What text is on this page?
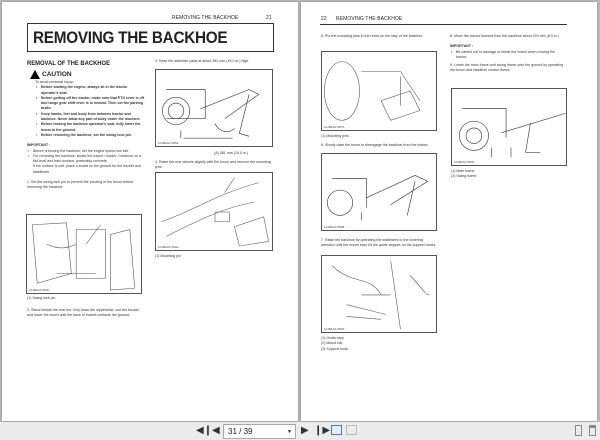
REMOVING THE BACKHOE	21
REMOVING THE BACKHOE
REMOVAL OF THE BACKHOE
CAUTION
To avoid personal injury:
• Before starting the engine, always sit in the tractor operator's seat.
• Before getting off the tractor, make sure that PTO lever is off and range gear shift lever is in neutral. Then set the parking brake.
• Keep hands, feet and body from between tractor and backhoe. Never allow any part of body under the machine.
• Before leaving the backhoe operator's seat, fully lower the boom to the ground.
• Before removing the backhoe, set the swing lock pin.
IMPORTANT :
• Before removing the backhoe, set the engine speed low idle.
• For removing the backhoe, locate the tractor / loader / backhoe on a flat level and hard surface, preferably concrete.
If the surface is soft, place a board on the ground for the bucket and stabilizers.
1. Set the swing lock pin to prevent the pivoting of the boom before removing the backhoe.
1AJBAAA7005C
(1) Swing lock pin
2. Stand beside the rear tire, fully close the dipperstick, curl the bucket and lower the boom until the back of bucket contacts the ground.
3. Keep the stabilizer pads at about 381 mm (15.0 in.) high.
1AJBAAA7006A
(A) 381 mm (15.0 in.)
4. Raise the rear wheels slightly with the boom and remove the mounting pins.
1AJBAAA7010A
(1) Mounting pin
22 REMOVING THE BACKHOE
5. Put the mounting pins in the holes on the stay of the backhoe.
1AJBAAA7007A
(1) Mounting pins
6. Slowly raise the boom to disengage the backhoe from the tractor.
1AJBAAA7008B
7. Raise the backhoe by operating the stabilizers to the lowering direction until the mount bars hit the guide stopper on the support hooks.
1AJBAAA7009A
(1) Guide stop
(2) Mount bar
(3) Support hook
8. Move the tractor forward from the backhoe about 203 mm (8.0 in.)
IMPORTANT :
• Be careful not to damage or break the hoses when moving the tractor.
9. Lower the main frame and swing frame onto the ground by operating the boom and stabilizer control levers.
1AJBAAA7009C
(1) Main frame
(2) Swing frame
◀❙ ◀	31 / 39	▼ ▶ ❙▶
